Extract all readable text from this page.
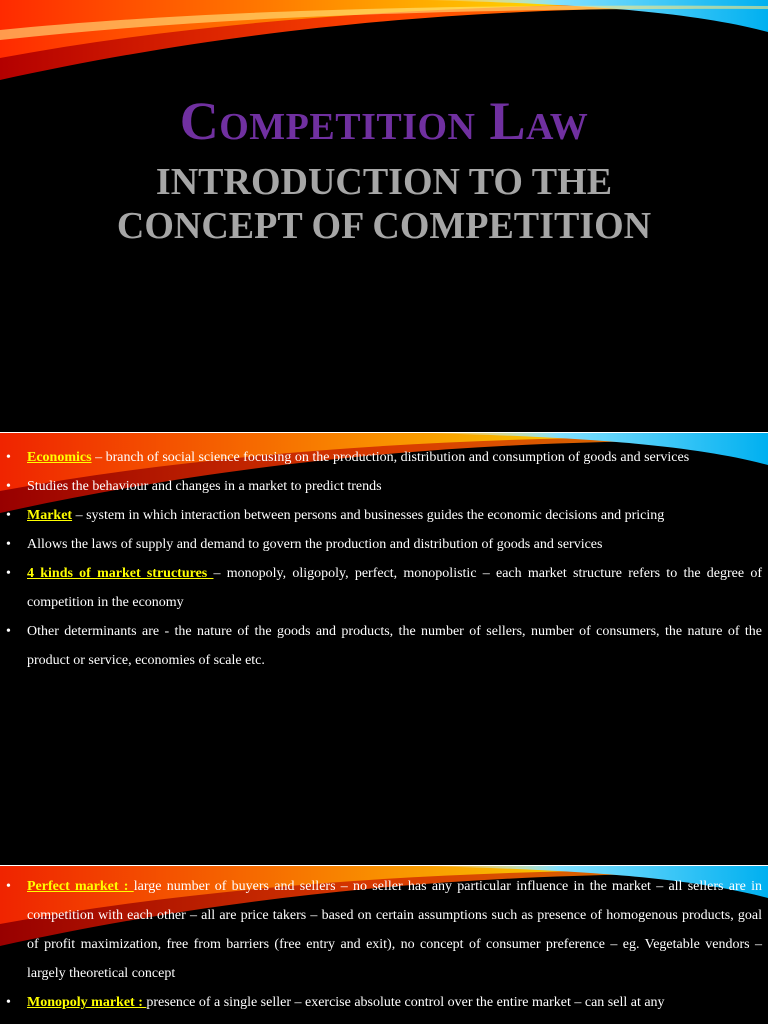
Competition Law
INTRODUCTION TO THE CONCEPT OF COMPETITION
• Economics – branch of social science focusing on the production, distribution and consumption of goods and services
• Studies the behaviour and changes in a market to predict trends
• Market – system in which interaction between persons and businesses guides the economic decisions and pricing
• Allows the laws of supply and demand to govern the production and distribution of goods and services
• 4 kinds of market structures – monopoly, oligopoly, perfect, monopolistic – each market structure refers to the degree of competition in the economy
• Other determinants are - the nature of the goods and products, the number of sellers, number of consumers, the nature of the product or service, economies of scale etc.
• Perfect market : large number of buyers and sellers – no seller has any particular influence in the market – all sellers are in competition with each other – all are price takers – based on certain assumptions such as presence of homogenous products, goal of profit maximization, free from barriers (free entry and exit), no concept of consumer preference – eg. Vegetable vendors – largely theoretical concept
• Monopoly market : presence of a single seller – exercise absolute control over the entire market – can sell at any
